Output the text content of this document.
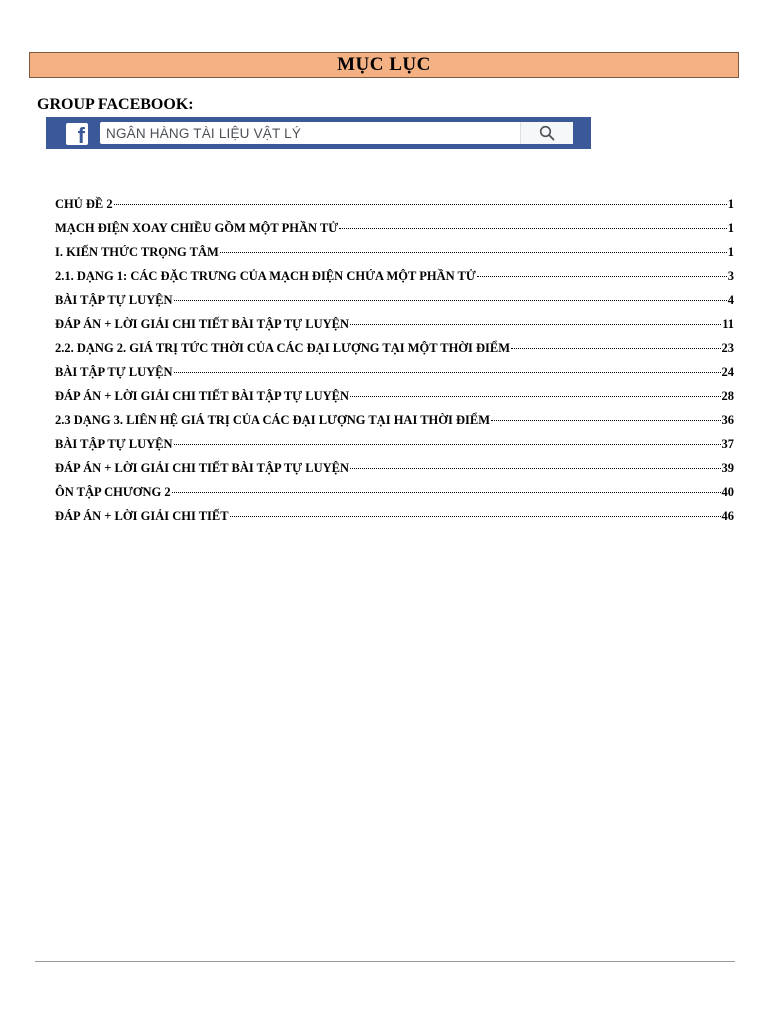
MỤC LỤC
GROUP FACEBOOK:
f NGÂN HÀNG TÀI LIỆU VẬT LÝ
CHỦ ĐỀ 2	1
MẠCH ĐIỆN XOAY CHIỀU GỒM MỘT PHẦN TỬ	1
I. KIẾN THỨC TRỌNG TÂM	1
2.1. DẠNG 1: CÁC ĐẶC TRƯNG CỦA MẠCH ĐIỆN CHỨA MỘT PHẦN TỬ	3
BÀI TẬP TỰ LUYỆN	4
ĐÁP ÁN + LỜI GIẢI CHI TIẾT BÀI TẬP TỰ LUYỆN	11
2.2. DẠNG 2. GIÁ TRỊ TỨC THỜI CỦA CÁC ĐẠI LƯỢNG TẠI MỘT THỜI ĐIỂM	23
BÀI TẬP TỰ LUYỆN	24
ĐÁP ÁN + LỜI GIẢI CHI TIẾT BÀI TẬP TỰ LUYỆN	28
2.3 DẠNG 3. LIÊN HỆ GIÁ TRỊ CỦA CÁC ĐẠI LƯỢNG TẠI HAI THỜI ĐIỂM	36
BÀI TẬP TỰ LUYỆN	37
ĐÁP ÁN + LỜI GIẢI CHI TIẾT BÀI TẬP TỰ LUYỆN	39
ÔN TẬP CHƯƠNG 2	40
ĐÁP ÁN + LỜI GIẢI CHI TIẾT	46
